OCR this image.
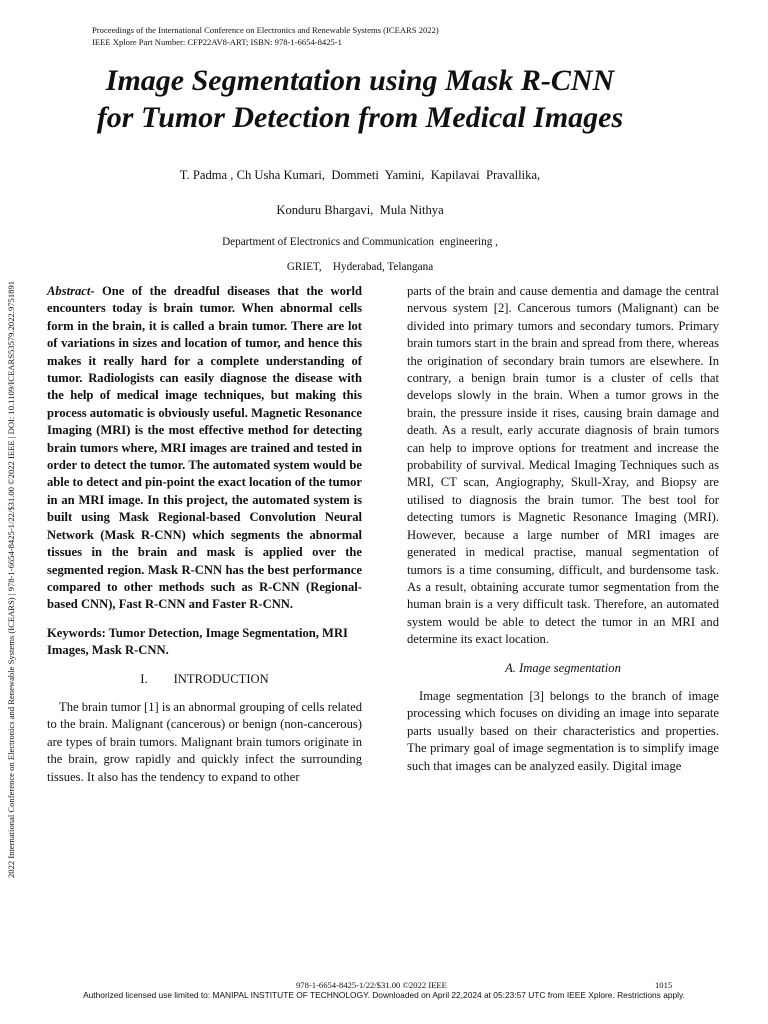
Proceedings of the International Conference on Electronics and Renewable Systems (ICEARS 2022)
IEEE Xplore Part Number: CFP22AV8-ART; ISBN: 978-1-6654-8425-1
Image Segmentation using Mask R-CNN
for Tumor Detection from Medical Images
T. Padma , Ch Usha Kumari,  Dommeti  Yamini,  Kapilavai  Pravallika,
Konduru Bhargavi,  Mula Nithya
Department of Electronics and Communication  engineering ,
GRIET,    Hyderabad, Telangana
2022 International Conference on Electronics and Renewable Systems (ICEARS) | 978-1-6654-8425-1/22/$31.00 ©2022 IEEE | DOI: 10.1109/ICEARS53579.2022.9751891	Abstract- One of the dreadful diseases that the world encounters today is brain tumor. When abnormal cells form in the brain, it is called a brain tumor. There are lot of variations in sizes and location of tumor, and hence this makes it really hard for a complete understanding of tumor. Radiologists can easily diagnose the disease with the help of medical image techniques, but making this process automatic is obviously useful. Magnetic Resonance Imaging (MRI) is the most effective method for detecting brain tumors where, MRI images are trained and tested in order to detect the tumor. The automated system would be able to detect and pin-point the exact location of the tumor in an MRI image. In this project, the automated system is built using Mask Regional-based Convolution Neural Network (Mask R-CNN) which segments the abnormal tissues in the brain and mask is applied over the segmented region. Mask R-CNN has the best performance compared to other methods such as R-CNN (Regional-based CNN), Fast R-CNN and Faster R-CNN.

Keywords: Tumor Detection, Image Segmentation, MRI Images, Mask R-CNN.

I. INTRODUCTION

The brain tumor [1] is an abnormal grouping of cells related to the brain. Malignant (cancerous) or benign (non-cancerous) are types of brain tumors. Malignant brain tumors originate in the brain, grow rapidly and quickly infect the surrounding tissues. It also has the tendency to expand to other

parts of the brain and cause dementia and damage the central nervous system [2]. Cancerous tumors (Malignant) can be divided into primary tumors and secondary tumors. Primary brain tumors start in the brain and spread from there, whereas the origination of secondary brain tumors are elsewhere. In contrary, a benign brain tumor is a cluster of cells that develops slowly in the brain. When a tumor grows in the brain, the pressure inside it rises, causing brain damage and death. As a result, early accurate diagnosis of brain tumors can help to improve options for treatment and increase the probability of survival. Medical Imaging Techniques such as MRI, CT scan, Angiography, Skull-Xray, and Biopsy are utilised to diagnosis the brain tumor. The best tool for detecting tumors is Magnetic Resonance Imaging (MRI). However, because a large number of MRI images are generated in medical practise, manual segmentation of tumors is a time consuming, difficult, and burdensome task. As a result, obtaining accurate tumor segmentation from the human brain is a very difficult task. Therefore, an automated system would be able to detect the tumor in an MRI and determine its exact location.

A. Image segmentation

Image segmentation [3] belongs to the branch of image processing which focuses on dividing an image into separate parts usually based on their characteristics and properties. The primary goal of image segmentation is to simplify image such that images can be analyzed easily. Digital image

978-1-6654-8425-1/22/$31.00 ©2022 IEEE	1015
Authorized licensed use limited to: MANIPAL INSTITUTE OF TECHNOLOGY. Downloaded on April 22,2024 at 05:23:57 UTC from IEEE Xplore. Restrictions apply.
